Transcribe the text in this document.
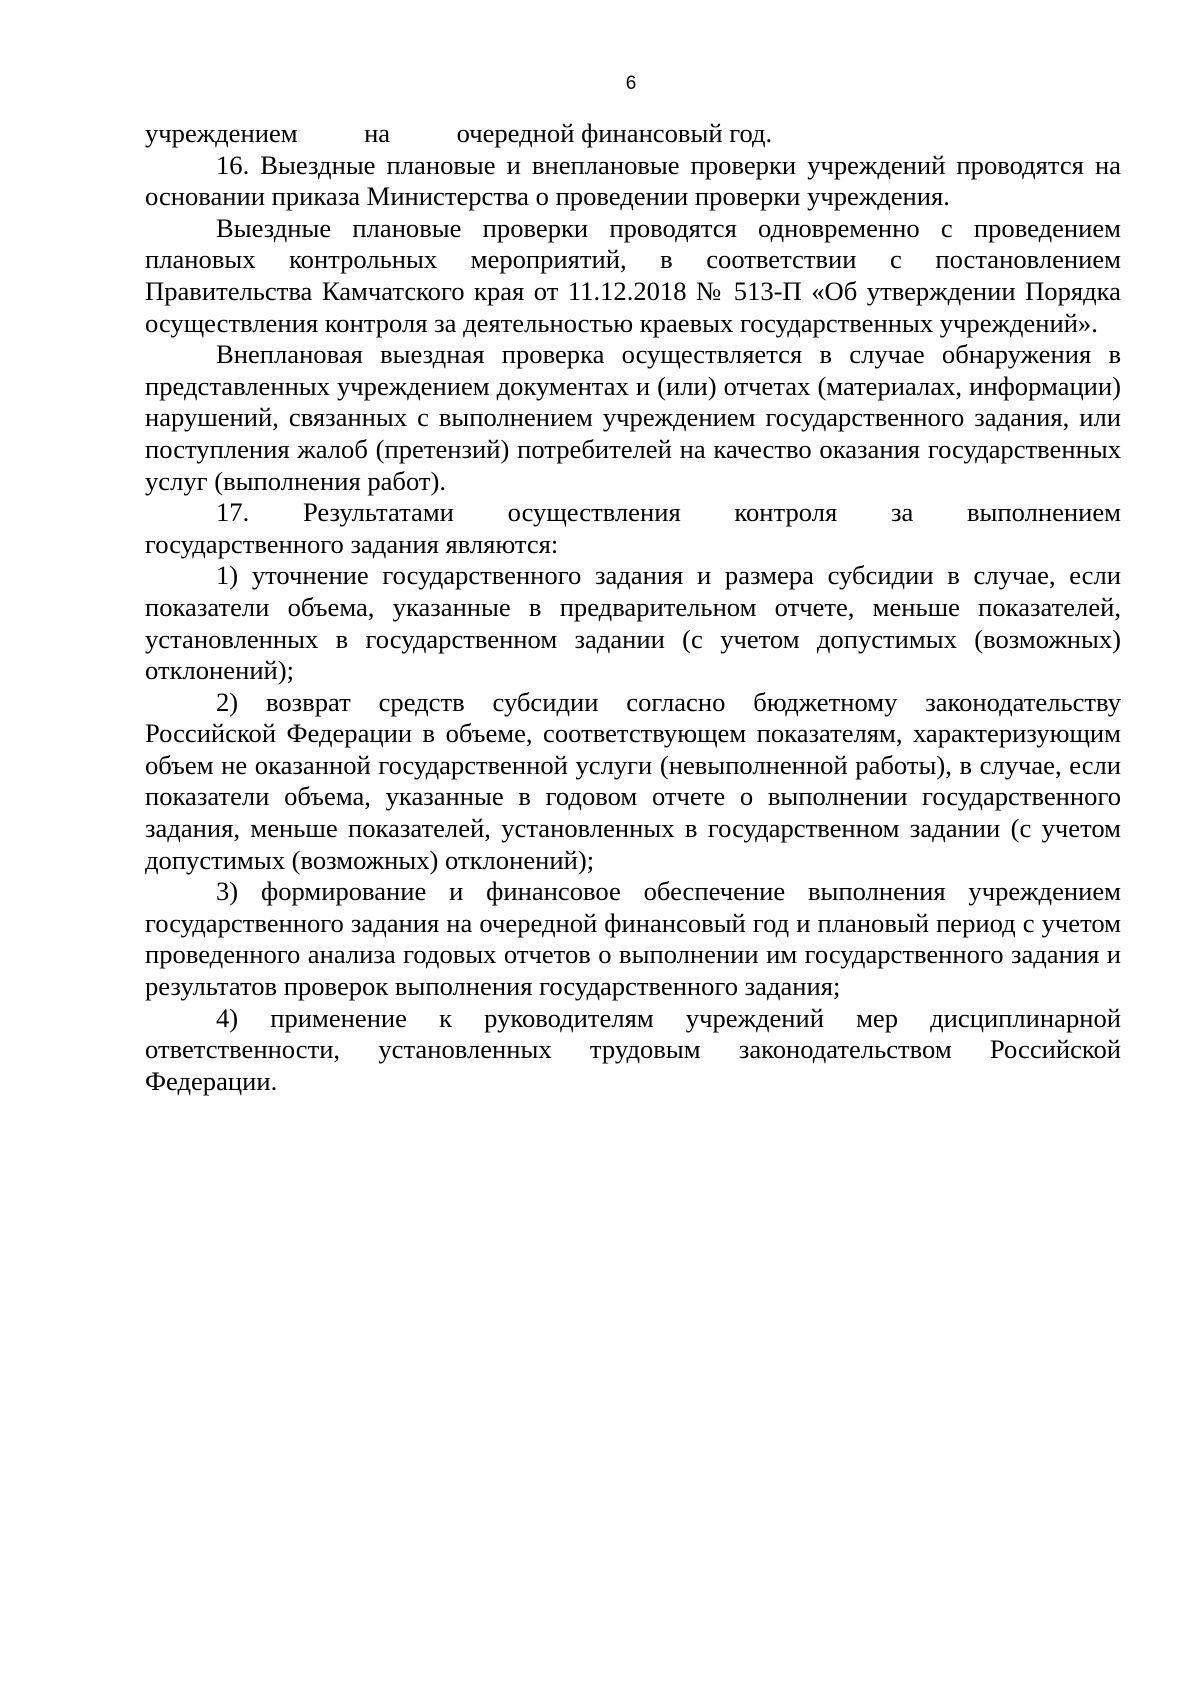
6

учреждением на очередной финансовый год.

16. Выездные плановые и внеплановые проверки учреждений проводятся на основании приказа Министерства о проведении проверки учреждения.

Выездные плановые проверки проводятся одновременно с проведением плановых контрольных мероприятий, в соответствии с постановлением Правительства Камчатского края от 11.12.2018 № 513-П «Об утверждении Порядка осуществления контроля за деятельностью краевых государственных учреждений».

Внеплановая выездная проверка осуществляется в случае обнаружения в представленных учреждением документах и (или) отчетах (материалах, информации) нарушений, связанных с выполнением учреждением государственного задания, или поступления жалоб (претензий) потребителей на качество оказания государственных услуг (выполнения работ).

17. Результатами осуществления контроля за выполнением

государственного задания являются:

1) уточнение государственного задания и размера субсидии в случае, если показатели объема, указанные в предварительном отчете, меньше показателей, установленных в государственном задании (с учетом допустимых (возможных) отклонений);

2) возврат средств субсидии согласно бюджетному законодательству Российской Федерации в объеме, соответствующем показателям, характеризующим объем не оказанной государственной услуги (невыполненной работы), в случае, если показатели объема, указанные в годовом отчете о выполнении государственного задания, меньше показателей, установленных в государственном задании (с учетом допустимых (возможных) отклонений);

3) формирование и финансовое обеспечение выполнения учреждением государственного задания на очередной финансовый год и плановый период с учетом проведенного анализа годовых отчетов о выполнении им государственного задания и результатов проверок выполнения государственного задания;

4) применение к руководителям учреждений мер дисциплинарной ответственности, установленных трудовым законодательством Российской Федерации.
